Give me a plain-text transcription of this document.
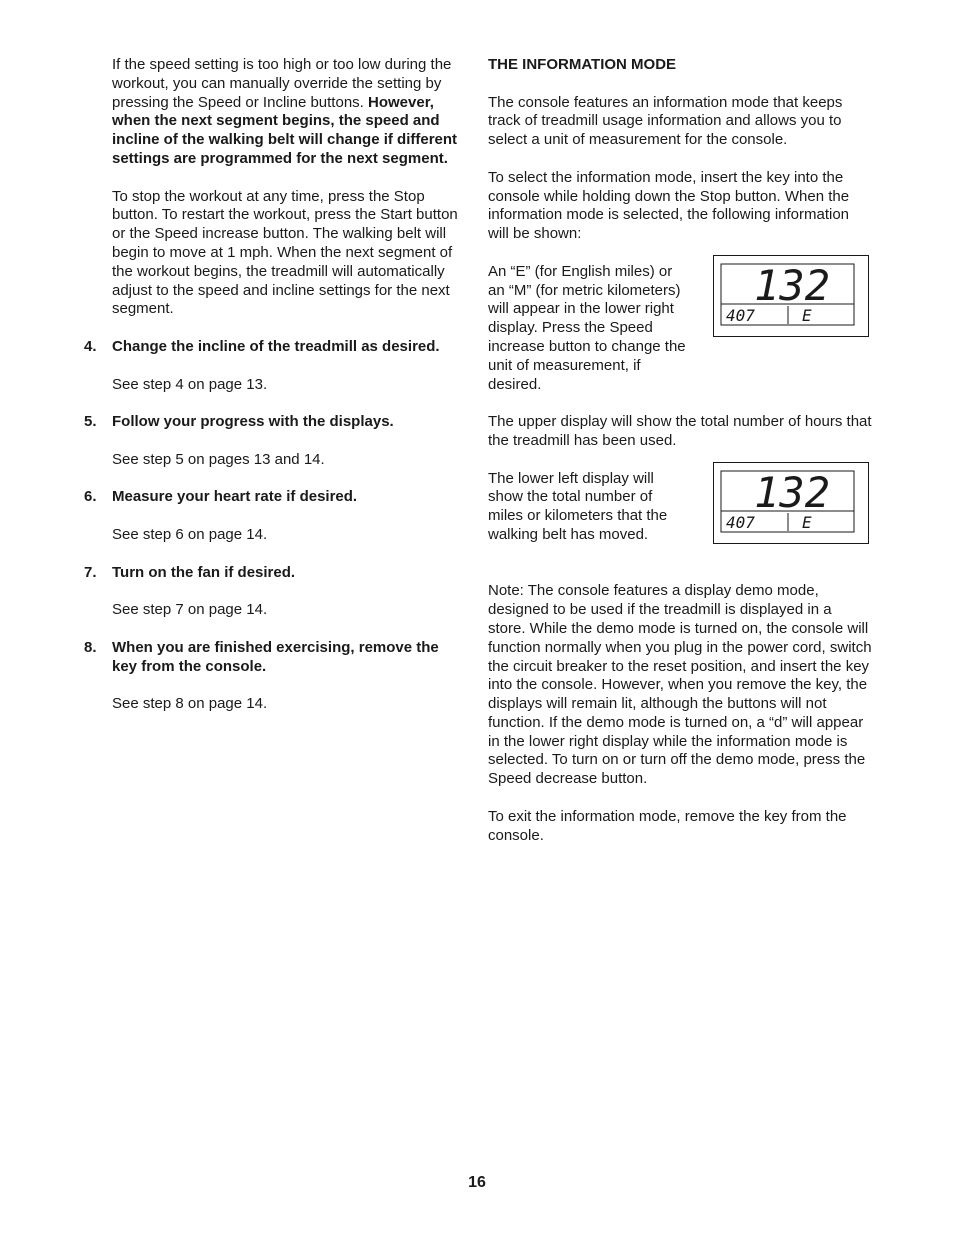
If the speed setting is too high or too low during the workout, you can manually override the setting by pressing the Speed or Incline buttons. However, when the next segment begins, the speed and incline of the walking belt will change if different settings are programmed for the next segment.

To stop the workout at any time, press the Stop button. To restart the workout, press the Start button or the Speed increase button. The walking belt will begin to move at 1 mph. When the next segment of the workout begins, the treadmill will automatically adjust to the speed and incline settings for the next segment.

4.	Change the incline of the treadmill as desired.

See step 4 on page 13.

5.	Follow your progress with the displays.

See step 5 on pages 13 and 14.

6.	Measure your heart rate if desired.

See step 6 on page 14.

7.	Turn on the fan if desired.

See step 7 on page 14.

8.	When you are finished exercising, remove the key from the console.

See step 8 on page 14.

THE INFORMATION MODE

The console features an information mode that keeps track of treadmill usage information and allows you to select a unit of measurement for the console.

To select the information mode, insert the key into the console while holding down the Stop button. When the information mode is selected, the following information will be shown:

An “E” (for English miles) or an “M” (for metric kilometers) will appear in the lower right display. Press the Speed increase button to change the unit of measurement, if desired.

132
407	E

The upper display will show the total number of hours that the treadmill has been used.

The lower left display will show the total number of miles or kilometers that the walking belt has moved.

132
407	E

Note: The console features a display demo mode, designed to be used if the treadmill is displayed in a store. While the demo mode is turned on, the console will function normally when you plug in the power cord, switch the circuit breaker to the reset position, and insert the key into the console. However, when you remove the key, the displays will remain lit, although the buttons will not function. If the demo mode is turned on, a “d” will appear in the lower right display while the information mode is selected. To turn on or turn off the demo mode, press the Speed decrease button.

To exit the information mode, remove the key from the console.

16
